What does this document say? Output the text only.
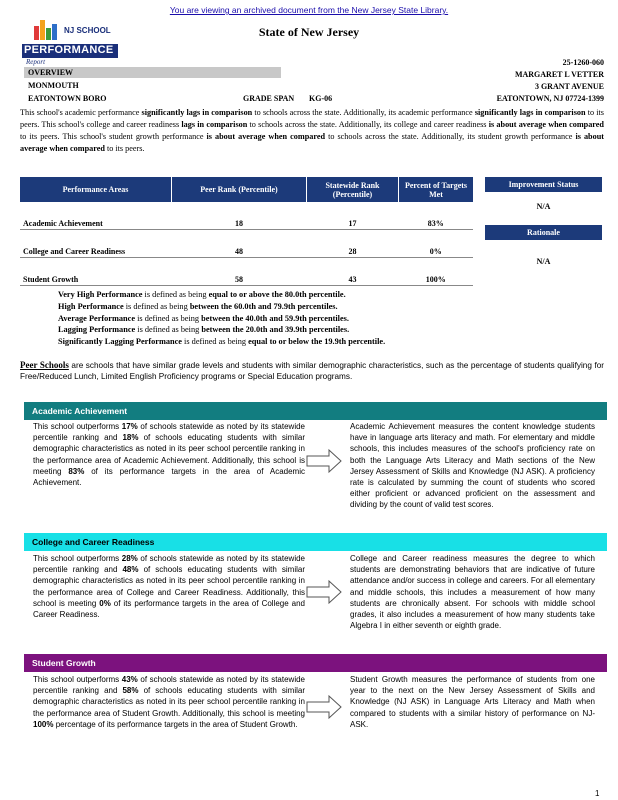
You are viewing an archived document from the New Jersey State Library.
NJ SCHOOL
PERFORMANCE
Report
State of New Jersey
OVERVIEW
MONMOUTH
EATONTOWN BORO	GRADE SPAN KG-06
25-1260-060
MARGARET L VETTER
3 GRANT AVENUE
EATONTOWN, NJ 07724-1399
This school's academic performance significantly lags in comparison to schools across the state. Additionally, its academic performance significantly lags in comparison to its peers. This school's college and career readiness lags in comparison to schools across the state. Additionally, its college and career readiness is about average when compared to its peers. This school's student growth performance is about average when compared to schools across the state. Additionally, its student growth performance is about average when compared to its peers.
Performance Areas	Peer Rank (Percentile)	Statewide Rank (Percentile)	Percent of Targets Met
Academic Achievement	18	17	83%
College and Career Readiness	48	28	0%
Student Growth	58	43	100%
Improvement Status
N/A
Rationale
N/A
Very High Performance is defined as being equal to or above the 80.0th percentile.
High Performance is defined as being between the 60.0th and 79.9th percentiles.
Average Performance is defined as being between the 40.0th and 59.9th percentiles.
Lagging Performance is defined as being between the 20.0th and 39.9th percentiles.
Significantly Lagging Performance is defined as being equal to or below the 19.9th percentile.
Peer Schools are schools that have similar grade levels and students with similar demographic characteristics, such as the percentage of students qualifying for Free/Reduced Lunch, Limited English Proficiency programs or Special Education programs.
Academic Achievement
This school outperforms 17% of schools statewide as noted by its statewide percentile ranking and 18% of schools educating students with similar demographic characteristics as noted in its peer school percentile ranking in the performance area of Academic Achievement. Additionally, this school is meeting 83% of its performance targets in the area of Academic Achievement.
Academic Achievement measures the content knowledge students have in language arts literacy and math. For elementary and middle schools, this includes measures of the school's proficiency rate on both the Language Arts Literacy and Math sections of the New Jersey Assessment of Skills and Knowledge (NJ ASK). A proficiency rate is calculated by summing the count of students who scored either proficient or advanced proficient on the assessment and dividing by the count of valid test scores.
College and Career Readiness
This school outperforms 28% of schools statewide as noted by its statewide percentile ranking and 48% of schools educating students with similar demographic characteristics as noted in its peer school percentile ranking in the performance area of College and Career Readiness. Additionally, this school is meeting 0% of its performance targets in the area of College and Career Readiness.
College and Career readiness measures the degree to which students are demonstrating behaviors that are indicative of future attendance and/or success in college and careers. For all elementary and middle schools, this includes a measurement of how many students are chronically absent. For schools with middle school grades, it also includes a measurement of how many students take Algebra I in either seventh or eighth grade.
Student Growth
This school outperforms 43% of schools statewide as noted by its statewide percentile ranking and 58% of schools educating students with similar demographic characteristics as noted in its peer school percentile ranking in the performance area of Student Growth. Additionally, this school is meeting 100% percentage of its performance targets in the area of Student Growth.
Student Growth measures the performance of students from one year to the next on the New Jersey Assessment of Skills and Knowledge (NJ ASK) in Language Arts Literacy and Math when compared to students with a similar history of performance on NJ-ASK.
1
